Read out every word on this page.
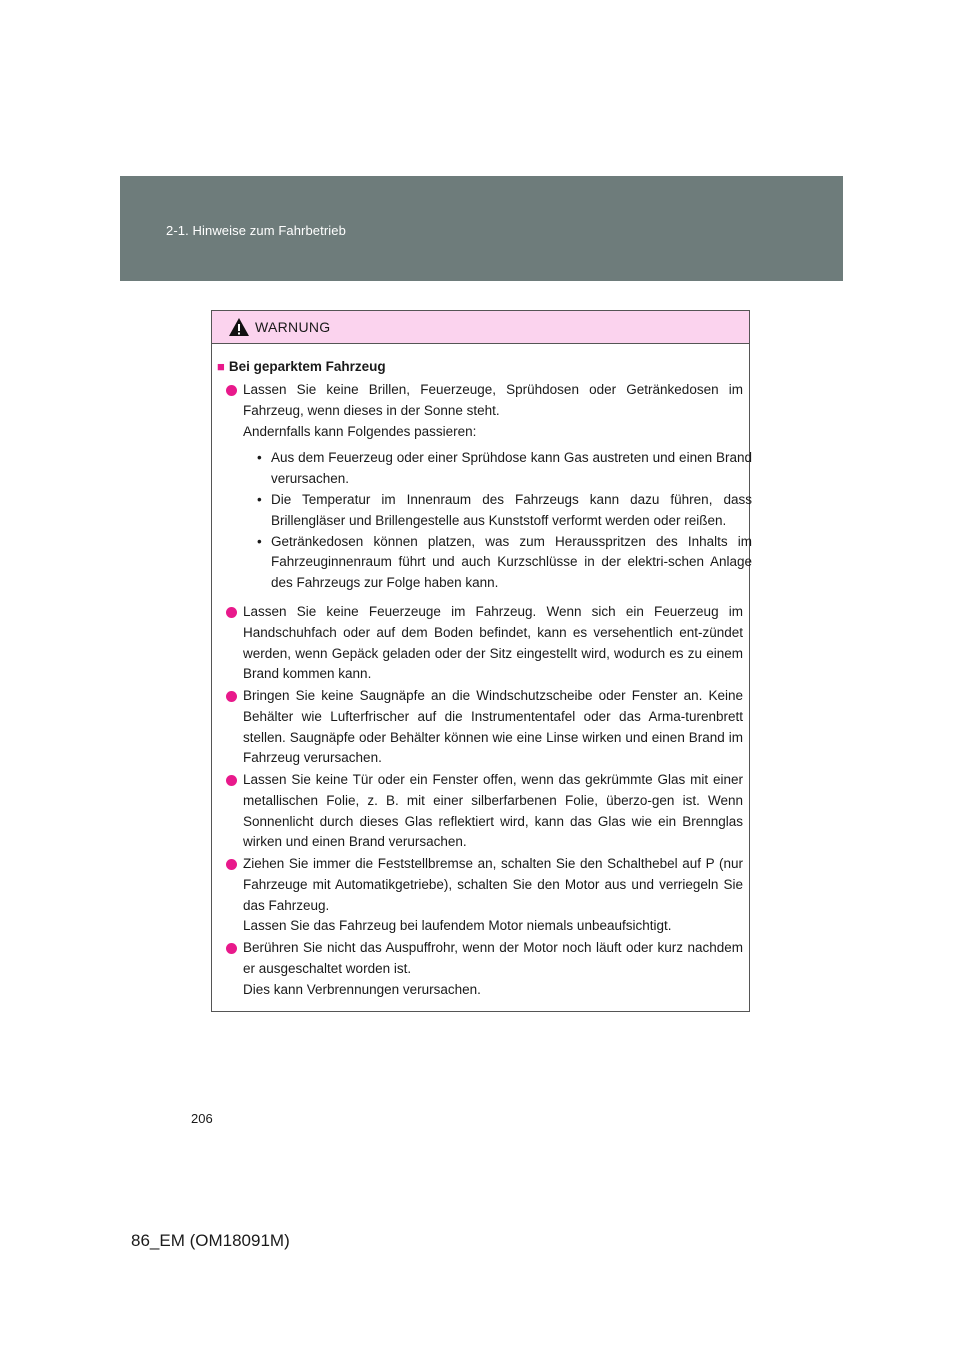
2-1. Hinweise zum Fahrbetrieb
WARNUNG
■ Bei geparktem Fahrzeug

Lassen Sie keine Brillen, Feuerzeuge, Sprühdosen oder Getränkedosen im Fahrzeug, wenn dieses in der Sonne steht.

Andernfalls kann Folgendes passieren:

• Aus dem Feuerzeug oder einer Sprühdose kann Gas austreten und einen Brand verursachen.

• Die Temperatur im Innenraum des Fahrzeugs kann dazu führen, dass Brillengläser und Brillengestelle aus Kunststoff verformt werden oder reißen.

• Getränkedosen können platzen, was zum Herausspritzen des Inhalts im Fahrzeuginnenraum führt und auch Kurzschlüsse in der elektri-schen Anlage des Fahrzeugs zur Folge haben kann.

Lassen Sie keine Feuerzeuge im Fahrzeug. Wenn sich ein Feuerzeug im Handschuhfach oder auf dem Boden befindet, kann es versehentlich ent-zündet werden, wenn Gepäck geladen oder der Sitz eingestellt wird, wodurch es zu einem Brand kommen kann.

Bringen Sie keine Saugnäpfe an die Windschutzscheibe oder Fenster an. Keine Behälter wie Lufterfrischer auf die Instrumententafel oder das Arma-turenbrett stellen. Saugnäpfe oder Behälter können wie eine Linse wirken und einen Brand im Fahrzeug verursachen.

Lassen Sie keine Tür oder ein Fenster offen, wenn das gekrümmte Glas mit einer metallischen Folie, z. B. mit einer silberfarbenen Folie, überzo-gen ist. Wenn Sonnenlicht durch dieses Glas reflektiert wird, kann das Glas wie ein Brennglas wirken und einen Brand verursachen.

Ziehen Sie immer die Feststellbremse an, schalten Sie den Schalthebel auf P (nur Fahrzeuge mit Automatikgetriebe), schalten Sie den Motor aus und verriegeln Sie das Fahrzeug.

Lassen Sie das Fahrzeug bei laufendem Motor niemals unbeaufsichtigt.

Berühren Sie nicht das Auspuffrohr, wenn der Motor noch läuft oder kurz nachdem er ausgeschaltet worden ist.

Dies kann Verbrennungen verursachen.

206
86_EM (OM18091M)
